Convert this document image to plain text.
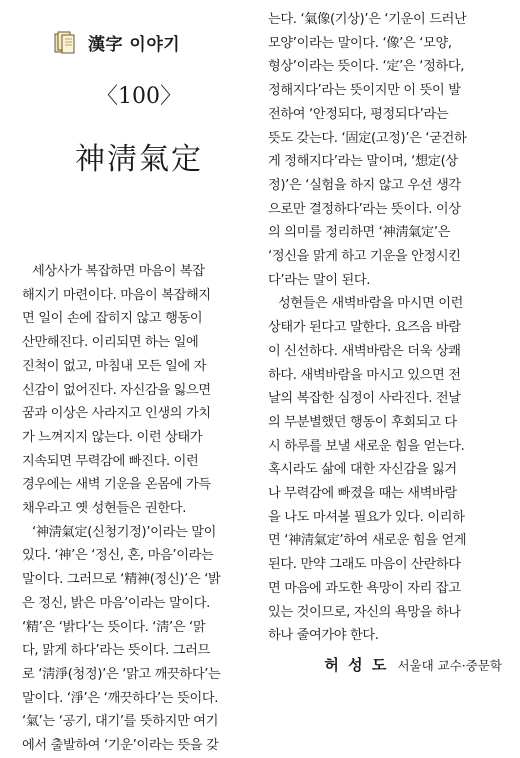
漢字 이야기
〈100〉
神淸氣定
세상사가 복잡하면 마음이 복잡
해지기 마련이다. 마음이 복잡해지
면 일이 손에 잡히지 않고 행동이
산만해진다. 이리되면 하는 일에
진척이 없고, 마침내 모든 일에 자
신감이 없어진다. 자신감을 잃으면
꿈과 이상은 사라지고 인생의 가치
가 느껴지지 않는다. 이런 상태가
지속되면 무력감에 빠진다. 이런
경우에는 새벽 기운을 온몸에 가득
채우라고 옛 성현들은 권한다.
‘神淸氣定(신청기정)’이라는 말이
있다. ‘神’은 ‘정신, 혼, 마음’이라는
말이다. 그러므로 ‘精神(정신)’은 ‘밝
은 정신, 밝은 마음’이라는 말이다.
‘精’은 ‘밝다’는 뜻이다. ‘淸’은 ‘맑
다, 맑게 하다’라는 뜻이다. 그러므
로 ‘淸淨(청정)’은 ‘맑고 깨끗하다’는
말이다. ‘淨’은 ‘깨끗하다’는 뜻이다.
‘氣’는 ‘공기, 대기’를 뜻하지만 여기
에서 출발하여 ‘기운’이라는 뜻을 갖
는다. ‘氣像(기상)’은 ‘기운이 드러난
모양’이라는 말이다. ‘像’은 ‘모양,
형상’이라는 뜻이다. ‘定’은 ‘정하다,
정해지다’라는 뜻이지만 이 뜻이 발
전하여 ‘안정되다, 평정되다’라는
뜻도 갖는다. ‘固定(고정)’은 ‘굳건하
게 정해지다’라는 말이며, ‘想定(상
정)’은 ‘실험을 하지 않고 우선 생각
으로만 결정하다’라는 뜻이다. 이상
의 의미를 정리하면 ‘神淸氣定’은
‘정신을 맑게 하고 기운을 안정시킨
다’라는 말이 된다.
성현들은 새벽바람을 마시면 이런
상태가 된다고 말한다. 요즈음 바람
이 신선하다. 새벽바람은 더욱 상쾌
하다. 새벽바람을 마시고 있으면 전
날의 복잡한 심정이 사라진다. 전날
의 무분별했던 행동이 후회되고 다
시 하루를 보낼 새로운 힘을 얻는다.
혹시라도 삶에 대한 자신감을 잃거
나 무력감에 빠졌을 때는 새벽바람
을 나도 마셔볼 필요가 있다. 이리하
면 ‘神淸氣定’하여 새로운 힘을 얻게
된다. 만약 그래도 마음이 산란하다
면 마음에 과도한 욕망이 자리 잡고
있는 것이므로, 자신의 욕망을 하나
하나 줄여가야 한다.
허 성 도 서울대 교수·중문학
